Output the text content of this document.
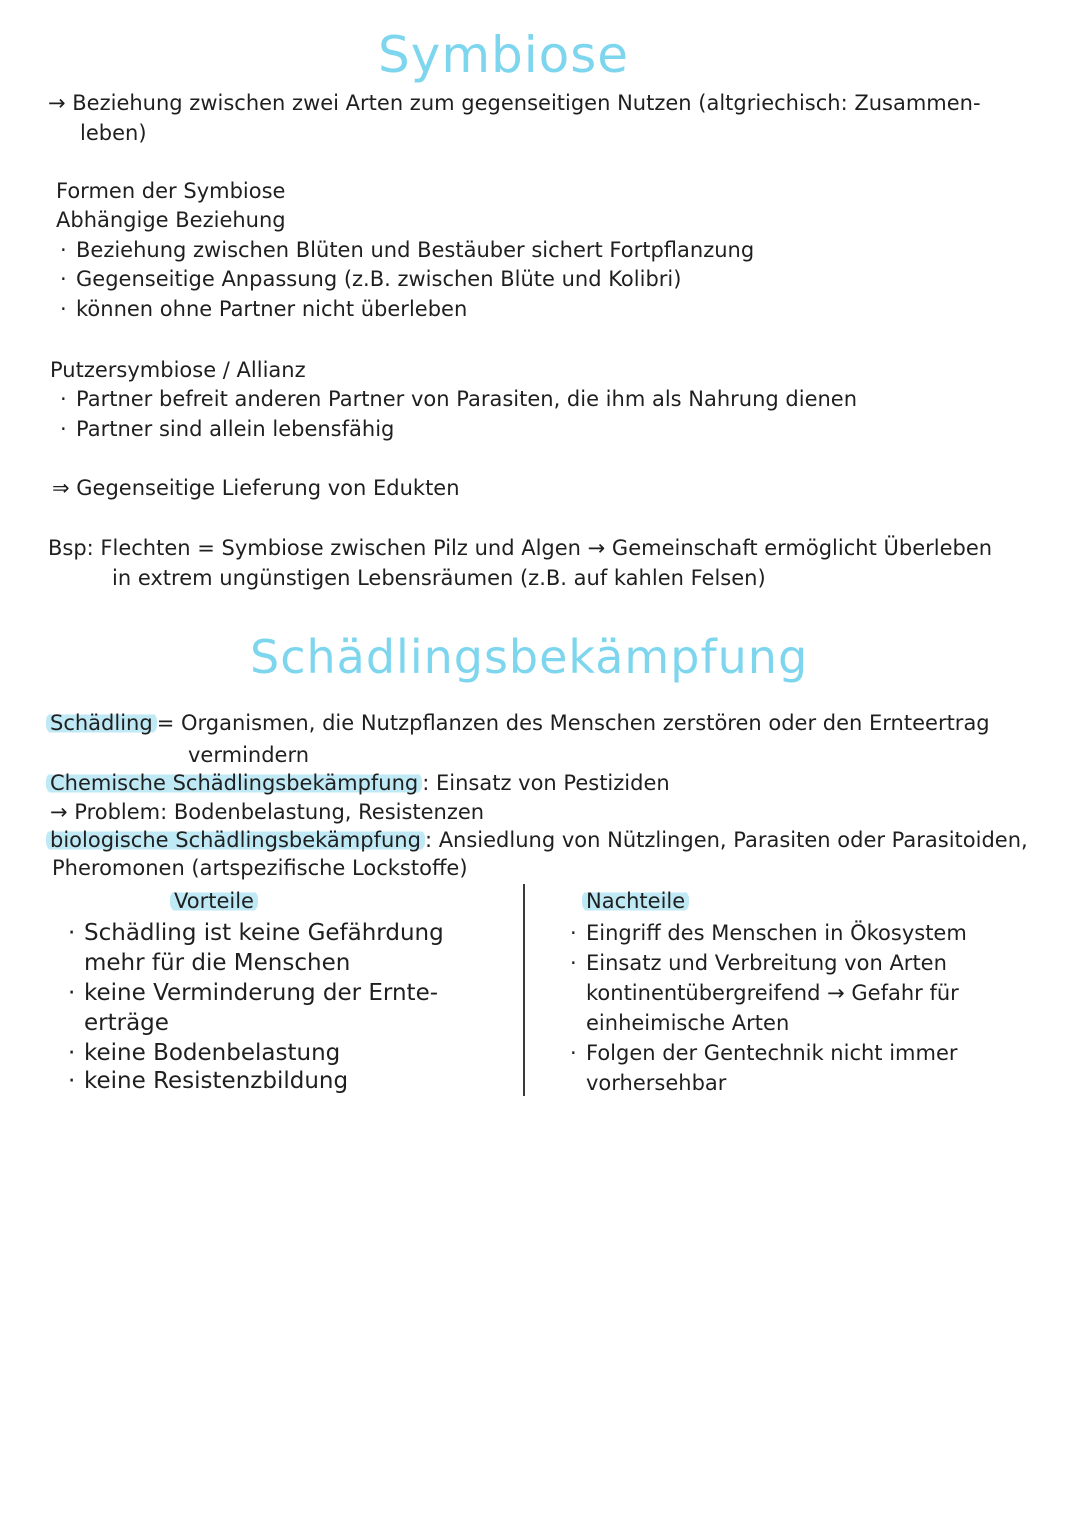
Symbiose
→ Beziehung zwischen zwei Arten zum gegenseitigen Nutzen (altgriechisch: Zusammen-
leben)
Formen der Symbiose
Abhängige Beziehung
· Beziehung zwischen Blüten und Bestäuber sichert Fortpflanzung
· Gegenseitige Anpassung (z.B. zwischen Blüte und Kolibri)
· können ohne Partner nicht überleben
Putzersymbiose / Allianz
· Partner befreit anderen Partner von Parasiten, die ihm als Nahrung dienen
· Partner sind allein lebensfähig
⇒ Gegenseitige Lieferung von Edukten
Bsp: Flechten = Symbiose zwischen Pilz und Algen → Gemeinschaft ermöglicht Überleben
in extrem ungünstigen Lebensräumen (z.B. auf kahlen Felsen)
Schädlingsbekämpfung
Schädling = Organismen, die Nutzpflanzen des Menschen zerstören oder den Ernteertrag
vermindern
Chemische Schädlingsbekämpfung : Einsatz von Pestiziden
→ Problem: Bodenbelastung, Resistenzen
biologische Schädlingsbekämpfung : Ansiedlung von Nützlingen, Parasiten oder Parasitoiden,
Pheromonen (artspezifische Lockstoffe)
Vorteile
· Schädling ist keine Gefährdung
mehr für die Menschen
· keine Verminderung der Ernte-
erträge
· keine Bodenbelastung
· keine Resistenzbildung
Nachteile
· Eingriff des Menschen in Ökosystem
· Einsatz und Verbreitung von Arten
kontinentübergreifend → Gefahr für
einheimische Arten
· Folgen der Gentechnik nicht immer
vorhersehbar
